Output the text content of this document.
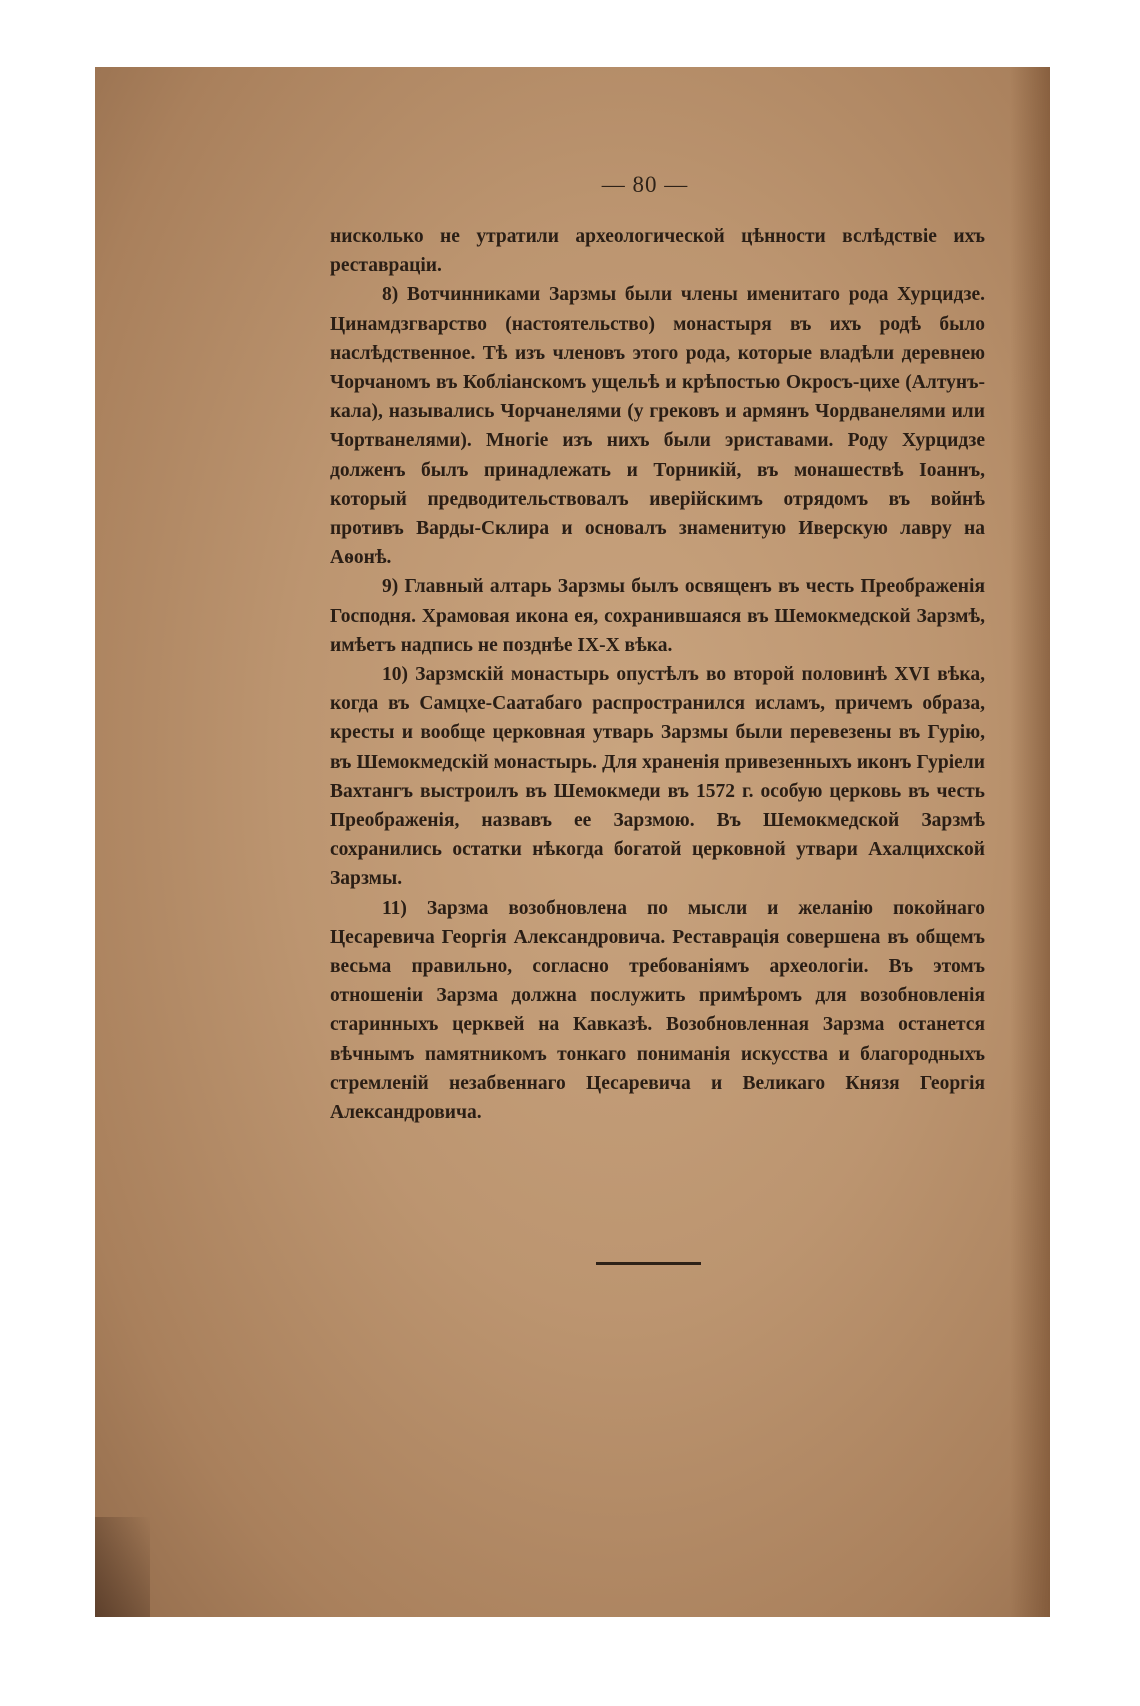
— 80 —

нисколько не утратили археологической цѣнности вслѣдствіе ихъ реставраціи.

8) Вотчинниками Зарзмы были члены именитаго рода Хурцидзе. Цинамдзгварство (настоятельство) монастыря въ ихъ родѣ было наслѣдственное. Тѣ изъ членовъ этого рода, которые владѣли деревнею Чорчаномъ въ Кобліанскомъ ущельѣ и крѣпостью Окросъ-цихе (Алтунъ-кала), назывались Чорчанелями (у грековъ и армянъ Чордванелями или Чортванелями). Многіе изъ нихъ были эриставами. Роду Хурцидзе долженъ былъ принадлежать и Торникій, въ монашествѣ Іоаннъ, который предводительствовалъ иверійскимъ отрядомъ въ войнѣ противъ Варды-Склира и основалъ знаменитую Иверскую лавру на Аѳонѣ.

9) Главный алтарь Зарзмы былъ освященъ въ честь Преображенія Господня. Храмовая икона ея, сохранившаяся въ Шемокмедской Зарзмѣ, имѣетъ надпись не позднѣе IX-X вѣка.

10) Зарзмскій монастырь опустѣлъ во второй половинѣ XVI вѣка, когда въ Самцхе-Саатабаго распространился исламъ, причемъ образа, кресты и вообще церковная утварь Зарзмы были перевезены въ Гурію, въ Шемокмедскій монастырь. Для храненія привезенныхъ иконъ Гуріели Вахтангъ выстроилъ въ Шемокмеди въ 1572 г. особую церковь въ честь Преображенія, назвавъ ее Зарзмою. Въ Шемокмедской Зарзмѣ сохранились остатки нѣкогда богатой церковной утвари Ахалцихской Зарзмы.

11) Зарзма возобновлена по мысли и желанію покойнаго Цесаревича Георгія Александровича. Реставрація совершена въ общемъ весьма правильно, согласно требованіямъ археологіи. Въ этомъ отношеніи Зарзма должна послужить примѣромъ для возобновленія старинныхъ церквей на Кавказѣ. Возобновленная Зарзма останется вѣчнымъ памятникомъ тонкаго пониманія искусства и благородныхъ стремленій незабвеннаго Цесаревича и Великаго Князя Георгія Александровича.
